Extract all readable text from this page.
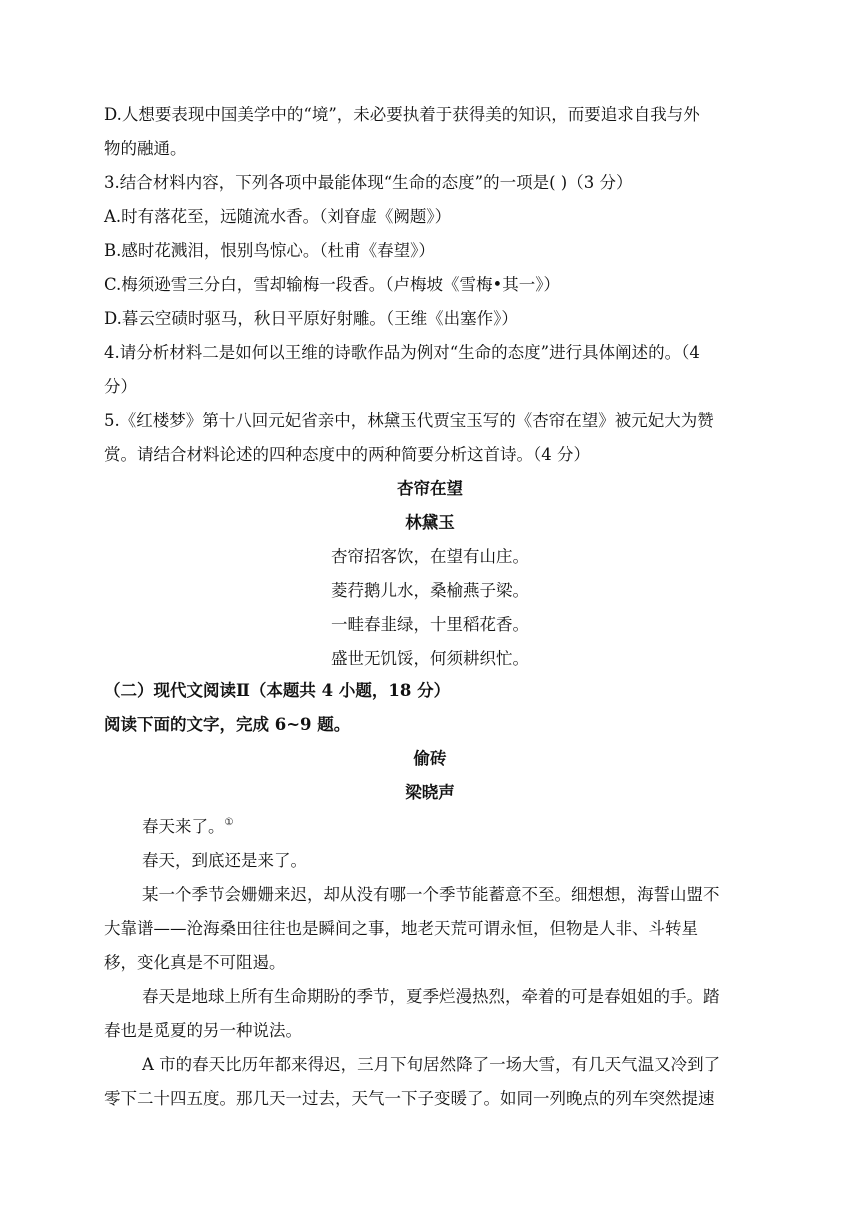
D.人想要表现中国美学中的“境”，未必要执着于获得美的知识，而要追求自我与外
物的融通。
3.结合材料内容，下列各项中最能体现“生命的态度”的一项是( )（3 分）
A.时有落花至，远随流水香。（刘眘虚《阙题》）
B.感时花溅泪，恨别鸟惊心。（杜甫《春望》）
C.梅须逊雪三分白，雪却输梅一段香。（卢梅坡《雪梅•其一》）
D.暮云空碛时驱马，秋日平原好射雕。（王维《出塞作》）
4.请分析材料二是如何以王维的诗歌作品为例对“生命的态度”进行具体阐述的。（4
分）
5.《红楼梦》第十八回元妃省亲中，林黛玉代贾宝玉写的《杏帘在望》被元妃大为赞
赏。请结合材料论述的四种态度中的两种简要分析这首诗。（4 分）
杏帘在望
林黛玉
杏帘招客饮，在望有山庄。
菱荇鹅儿水，桑榆燕子梁。
一畦春韭绿，十里稻花香。
盛世无饥馁，何须耕织忙。
（二）现代文阅读Ⅱ（本题共 4 小题，18 分）
阅读下面的文字，完成 6~9 题。
偷砖
梁晓声
春天来了。①
春天，到底还是来了。
某一个季节会姗姗来迟，却从没有哪一个季节能蓄意不至。细想想，海誓山盟不
大靠谱——沧海桑田往往也是瞬间之事，地老天荒可谓永恒，但物是人非、斗转星
移，变化真是不可阻遏。
春天是地球上所有生命期盼的季节，夏季烂漫热烈，牵着的可是春姐姐的手。踏
春也是觅夏的另一种说法。
A 市的春天比历年都来得迟，三月下旬居然降了一场大雪，有几天气温又冷到了
零下二十四五度。那几天一过去，天气一下子变暖了。如同一列晚点的列车突然提速
